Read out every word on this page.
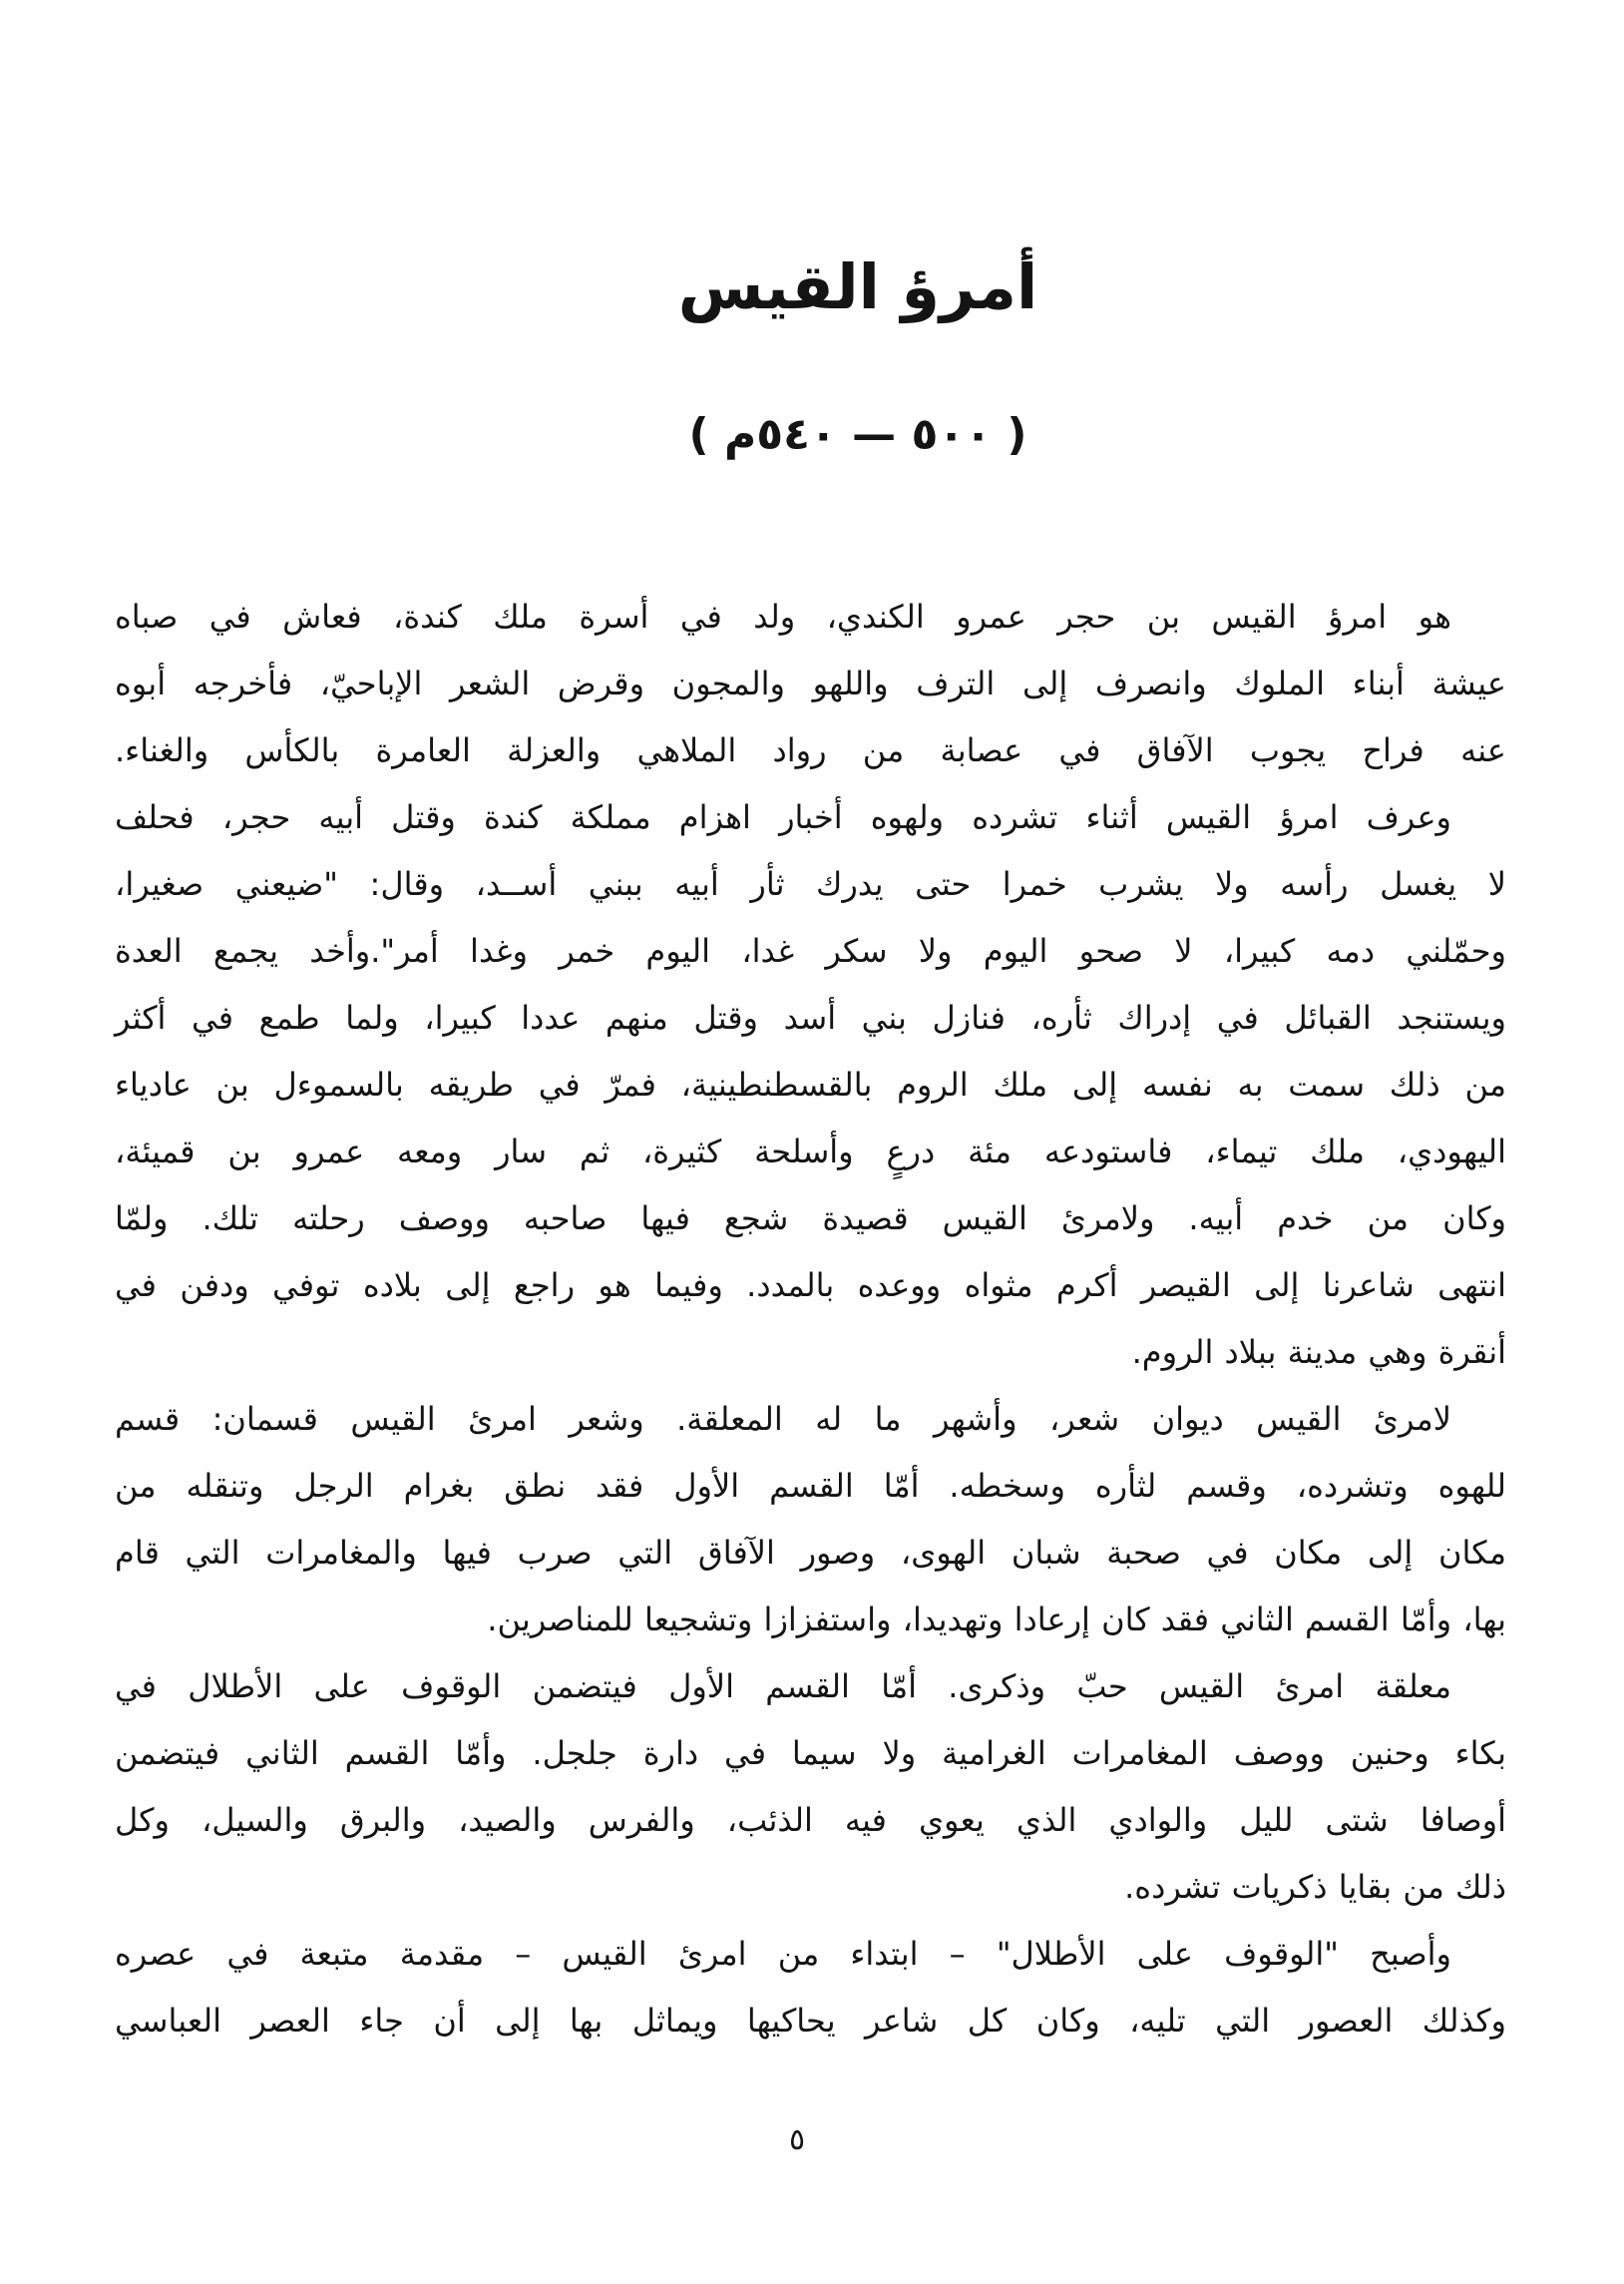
أمرؤ القيس
( ٥٠٠ — ٥٤٠م )
هو امرؤ القيس بن حجر عمرو الكندي، ولد في أسرة ملك كندة، فعاش في صباه
عيشة أبناء الملوك وانصرف إلى الترف واللهو والمجون وقرض الشعر الإباحيّ، فأخرجه أبوه
عنه فراح يجوب الآفاق في عصابة من رواد الملاهي والعزلة العامرة بالكأس والغناء.
وعرف امرؤ القيس أثناء تشرده ولهوه أخبار اهزام مملكة كندة وقتل أبيه حجر، فحلف
لا يغسل رأسه ولا يشرب خمرا حتى يدرك ثأر أبيه ببني أســد، وقال: "ضيعني صغيرا،
وحمّلني دمه كبيرا، لا صحو اليوم ولا سكر غدا، اليوم خمر وغدا أمر".وأخد يجمع العدة
ويستنجد القبائل في إدراك ثأره، فنازل بني أسد وقتل منهم عددا كبيرا، ولما طمع في أكثر
من ذلك سمت به نفسه إلى ملك الروم بالقسطنطينية، فمرّ في طريقه بالسموءل بن عادياء
اليهودي، ملك تيماء، فاستودعه مئة درعٍ وأسلحة كثيرة، ثم سار ومعه عمرو بن قميئة،
وكان من خدم أبيه. ولامرئ القيس قصيدة شجع فيها صاحبه ووصف رحلته تلك. ولمّا
انتهى شاعرنا إلى القيصر أكرم مثواه ووعده بالمدد. وفيما هو راجع إلى بلاده توفي ودفن في
أنقرة وهي مدينة ببلاد الروم.
لامرئ القيس ديوان شعر، وأشهر ما له المعلقة. وشعر امرئ القيس قسمان: قسم
للهوه وتشرده، وقسم لثأره وسخطه. أمّا القسم الأول فقد نطق بغرام الرجل وتنقله من
مكان إلى مكان في صحبة شبان الهوى، وصور الآفاق التي صرب فيها والمغامرات التي قام
بها، وأمّا القسم الثاني فقد كان إرعادا وتهديدا، واستفزازا وتشجيعا للمناصرين.
معلقة امرئ القيس حبّ وذكرى. أمّا القسم الأول فيتضمن الوقوف على الأطلال في
بكاء وحنين ووصف المغامرات الغرامية ولا سيما في دارة جلجل. وأمّا القسم الثاني فيتضمن
أوصافا شتى لليل والوادي الذي يعوي فيه الذئب، والفرس والصيد، والبرق والسيل، وكل
ذلك من بقايا ذكريات تشرده.
وأصبح "الوقوف على الأطلال" – ابتداء من امرئ القيس – مقدمة متبعة في عصره
وكذلك العصور التي تليه، وكان كل شاعر يحاكيها ويماثل بها إلى أن جاء العصر العباسي
٥
